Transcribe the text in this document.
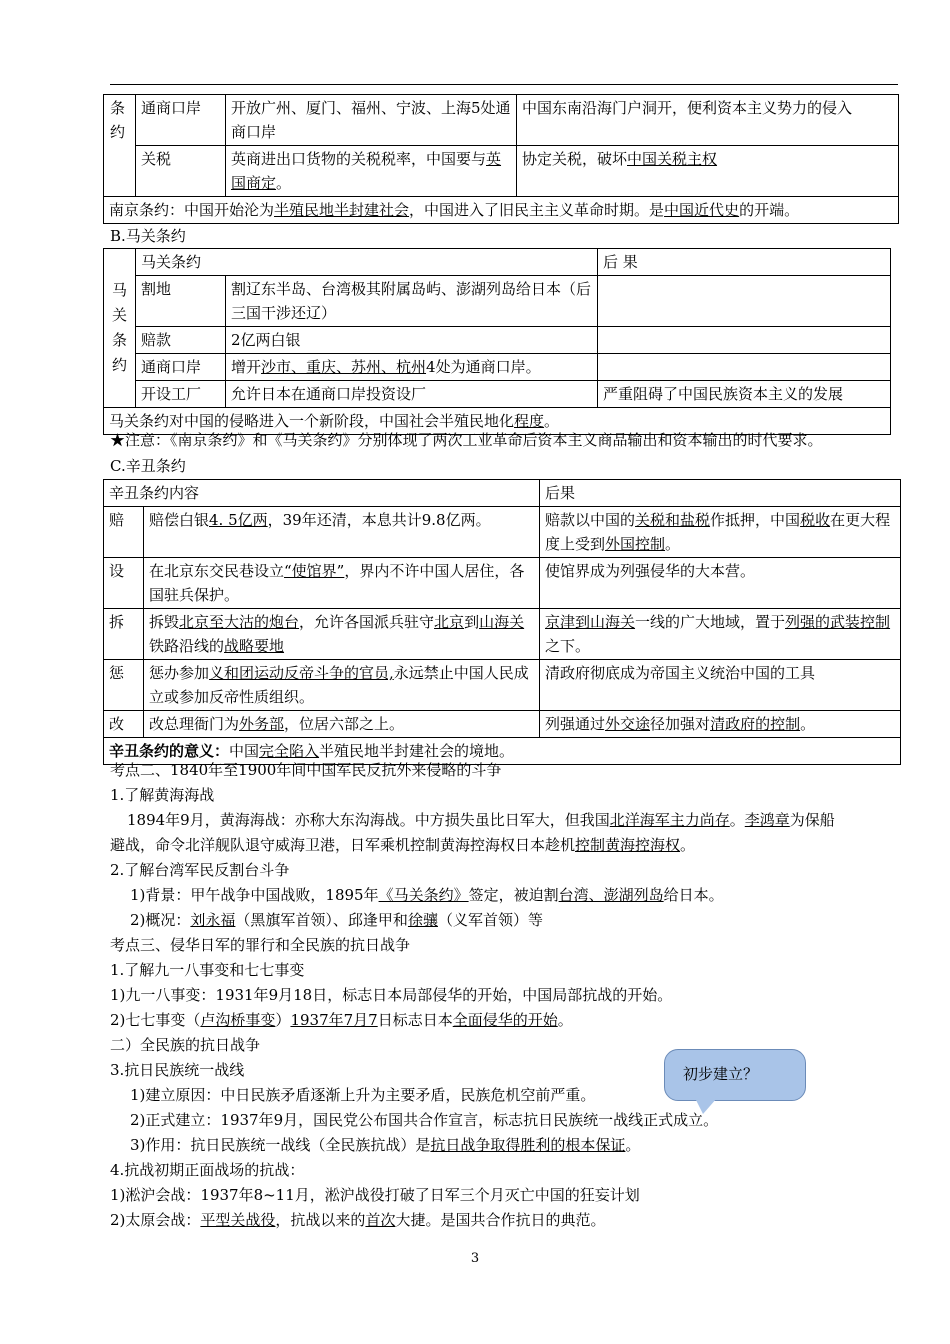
条约	通商口岸	开放广州、厦门、福州、宁波、上海5处通商口岸	中国东南沿海门户洞开，便利资本主义势力的侵入
	关税	英商进出口货物的关税税率，中国要与英国商定。	协定关税，破坏中国关税主权
南京条约：中国开始沦为半殖民地半封建社会，中国进入了旧民主主义革命时期。是中国近代史的开端。			
B.马关条约
	马关条约		后 果
马关条约	割地	割辽东半岛、台湾极其附属岛屿、澎湖列岛给日本（后三国干涉还辽）	
	赔款	2亿两白银	
	通商口岸	增开沙市、重庆、苏州、杭州4处为通商口岸。	
	开设工厂	允许日本在通商口岸投资设厂	严重阻碍了中国民族资本主义的发展
马关条约对中国的侵略进入一个新阶段，中国社会半殖民地化程度。			
★注意：《南京条约》和《马关条约》分别体现了两次工业革命后资本主义商品输出和资本输出的时代要求。
C.辛丑条约
辛丑条约内容		后果
赔	赔偿白银4. 5亿两，39年还清，本息共计9.8亿两。	赔款以中国的关税和盐税作抵押，中国税收在更大程度上受到外国控制。
设	在北京东交民巷设立“使馆界”，界内不许中国人居住，各国驻兵保护。	使馆界成为列强侵华的大本营。
拆	拆毁北京至大沽的炮台，允许各国派兵驻守北京到山海关铁路沿线的战略要地	京津到山海关一线的广大地域，置于列强的武装控制之下。
惩	惩办参加义和团运动反帝斗争的官员,永远禁止中国人民成立或参加反帝性质组织。	清政府彻底成为帝国主义统治中国的工具
改	改总理衙门为外务部，位居六部之上。	列强通过外交途径加强对清政府的控制。
辛丑条约的意义：中国完全陷入半殖民地半封建社会的境地。		
考点二、1840年至1900年间中国军民反抗外来侵略的斗争
1.了解黄海海战
1894年9月，黄海海战：亦称大东沟海战。中方损失虽比日军大，但我国北洋海军主力尚存。李鸿章为保船
避战，命令北洋舰队退守威海卫港，日军乘机控制黄海控海权日本趁机控制黄海控海权。
2.了解台湾军民反割台斗争
1)背景：甲午战争中国战败，1895年《马关条约》签定，被迫割台湾、澎湖列岛给日本。
2)概况：刘永福（黑旗军首领）、邱逢甲和徐骧（义军首领）等
考点三、侵华日军的罪行和全民族的抗日战争
1.了解九一八事变和七七事变
1)九一八事变：1931年9月18日，标志日本局部侵华的开始，中国局部抗战的开始。
2)七七事变（卢沟桥事变）1937年7月7日标志日本全面侵华的开始。
二）全民族的抗日战争
3.抗日民族统一战线	初步建立？
1)建立原因：中日民族矛盾逐渐上升为主要矛盾，民族危机空前严重。
2)正式建立：1937年9月，国民党公布国共合作宣言，标志抗日民族统一战线正式成立。
3)作用：抗日民族统一战线（全民族抗战）是抗日战争取得胜利的根本保证。
4.抗战初期正面战场的抗战：
1)淞沪会战：1937年8~11月，淞沪战役打破了日军三个月灭亡中国的狂妄计划
2)太原会战：平型关战役，抗战以来的首次大捷。是国共合作抗日的典范。
3
